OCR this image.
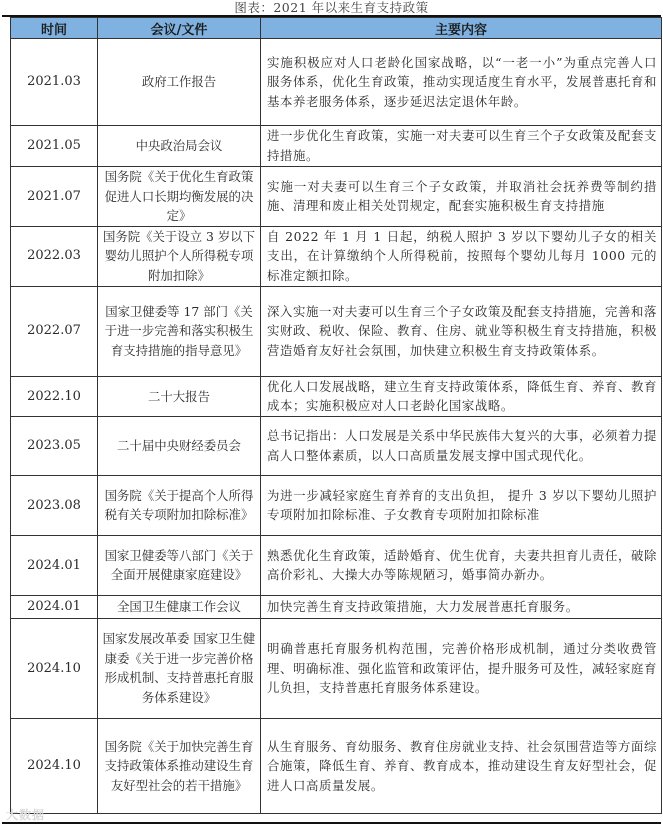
图表：2021 年以来生育支持政策
时间	会议/文件	主要内容
2021.03	政府工作报告	实施积极应对人口老龄化国家战略，以“一老一小”为重点完善人口服务体系，优化生育政策，推动实现适度生育水平，发展普惠托育和基本养老服务体系，逐步延迟法定退休年龄。
2021.05	中央政治局会议	进一步优化生育政策，实施一对夫妻可以生育三个子女政策及配套支持措施。
2021.07	国务院《关于优化生育政策促进人口长期均衡发展的决定》	实施一对夫妻可以生育三个子女政策，并取消社会抚养费等制约措施、清理和废止相关处罚规定，配套实施积极生育支持措施
2022.03	国务院《关于设立 3 岁以下婴幼儿照护个人所得税专项附加扣除》	自 2022 年 1 月 1 日起，纳税人照护 3 岁以下婴幼儿子女的相关支出，在计算缴纳个人所得税前，按照每个婴幼儿每月 1000 元的标准定额扣除。
2022.07	国家卫健委等 17 部门《关于进一步完善和落实积极生育支持措施的指导意见》	深入实施一对夫妻可以生育三个子女政策及配套支持措施，完善和落实财政、税收、保险、教育、住房、就业等积极生育支持措施，积极营造婚育友好社会氛围，加快建立积极生育支持政策体系。
2022.10	二十大报告	优化人口发展战略，建立生育支持政策体系，降低生育、养育、教育成本；实施积极应对人口老龄化国家战略。
2023.05	二十届中央财经委员会	总书记指出：人口发展是关系中华民族伟大复兴的大事，必须着力提高人口整体素质，以人口高质量发展支撑中国式现代化。
2023.08	国务院《关于提高个人所得税有关专项附加扣除标准》	为进一步减轻家庭生育养育的支出负担， 提升 3 岁以下婴幼儿照护专项附加扣除标准、子女教育专项附加扣除标准
2024.01	国家卫健委等八部门《关于全面开展健康家庭建设》	熟悉优化生育政策，适龄婚育、优生优育，夫妻共担育儿责任，破除高价彩礼、大操大办等陈规陋习，婚事简办新办。
2024.01	全国卫生健康工作会议	加快完善生育支持政策措施，大力发展普惠托育服务。
2024.10	国家发展改革委 国家卫生健康委《关于进一步完善价格形成机制、支持普惠托育服务体系建设》	明确普惠托育服务机构范围，完善价格形成机制，通过分类收费管理、明确标准、强化监管和政策评估，提升服务可及性，减轻家庭育儿负担，支持普惠托育服务体系建设。
2024.10	国务院《关于加快完善生育支持政策体系推动建设生育友好型社会的若干措施》	从生育服务、育幼服务、教育住房就业支持、社会氛围营造等方面综合施策，降低生育、养育、教育成本，推动建设生育友好型社会，促进人口高质量发展。
大数据
